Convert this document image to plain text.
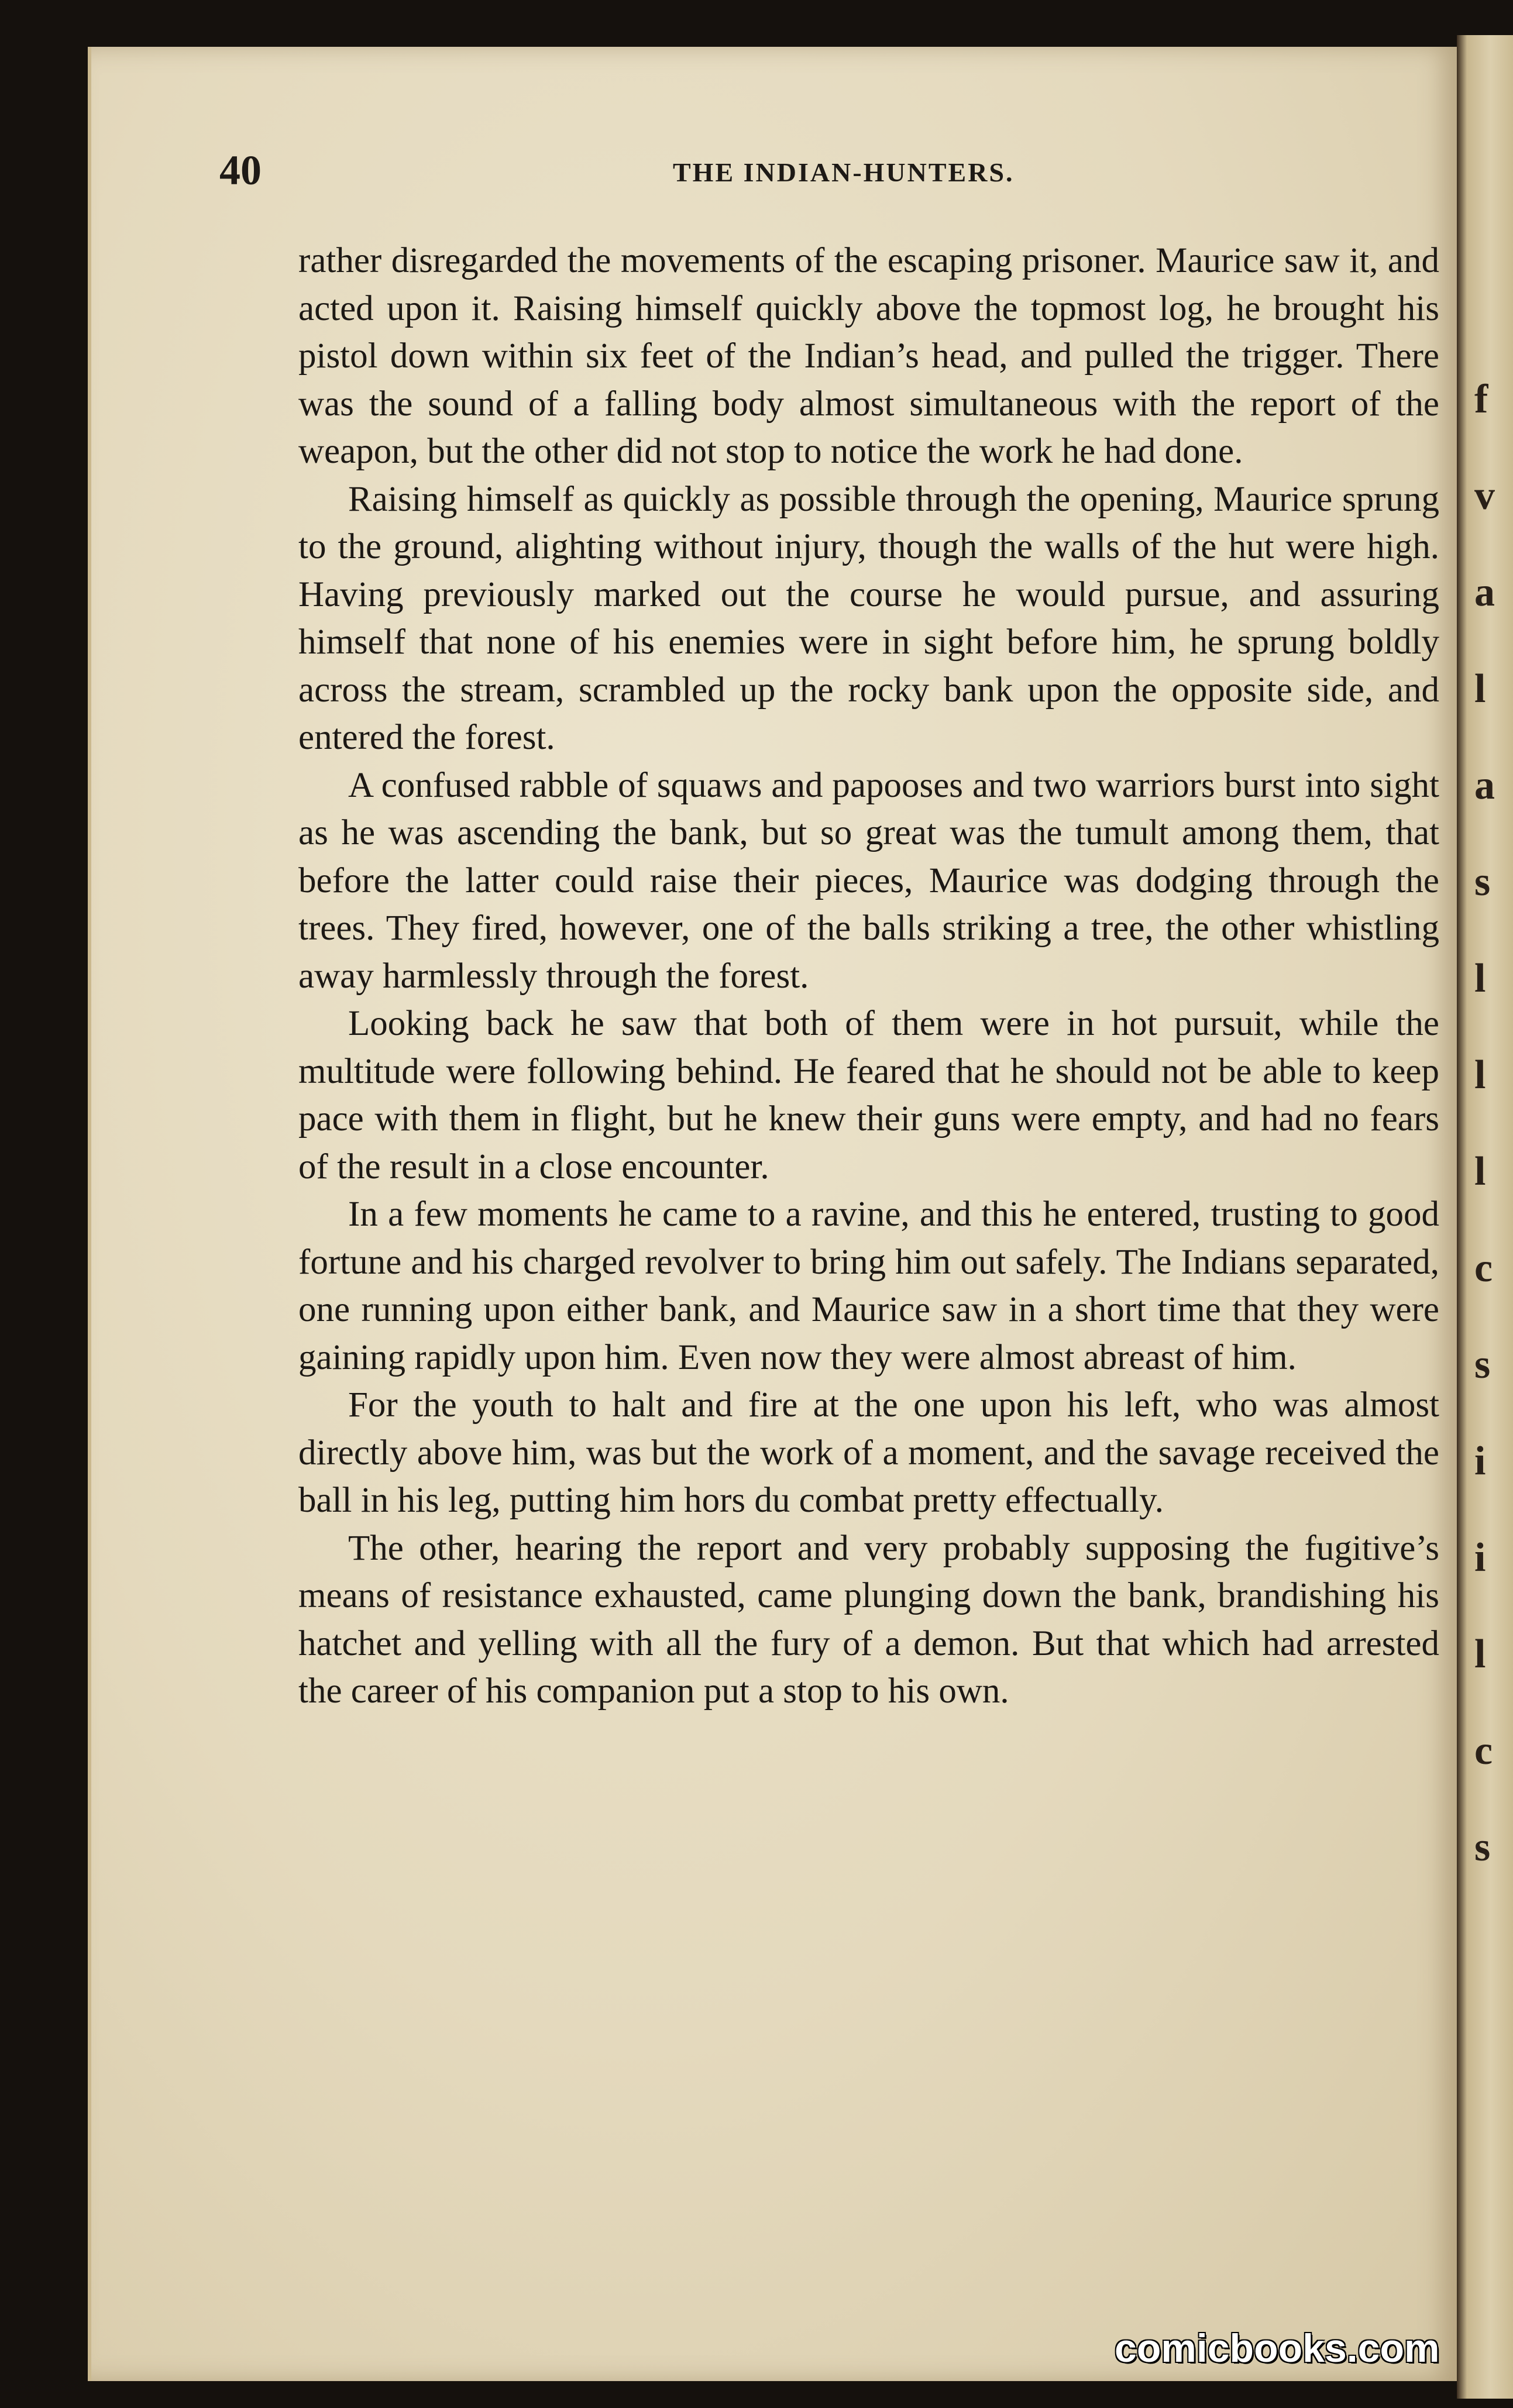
f
v
a
l
a
s
l
l
l
c
s
i
i
l
c
s
40	THE INDIAN-HUNTERS.

rather disregarded the movements of the escaping prisoner. Maurice saw it, and acted upon it. Raising himself quickly above the topmost log, he brought his pistol down within six feet of the Indian’s head, and pulled the trigger. There was the sound of a falling body almost simultaneous with the report of the weapon, but the other did not stop to notice the work he had done.

Raising himself as quickly as possible through the opening, Maurice sprung to the ground, alighting without injury, though the walls of the hut were high. Having previously marked out the course he would pursue, and assuring himself that none of his enemies were in sight before him, he sprung boldly across the stream, scrambled up the rocky bank upon the opposite side, and entered the forest.

A confused rabble of squaws and papooses and two warriors burst into sight as he was ascending the bank, but so great was the tumult among them, that before the latter could raise their pieces, Maurice was dodging through the trees. They fired, however, one of the balls striking a tree, the other whistling away harmlessly through the forest.

Looking back he saw that both of them were in hot pursuit, while the multitude were following behind. He feared that he should not be able to keep pace with them in flight, but he knew their guns were empty, and had no fears of the result in a close encounter.

In a few moments he came to a ravine, and this he entered, trusting to good fortune and his charged revolver to bring him out safely. The Indians separated, one running upon either bank, and Maurice saw in a short time that they were gaining rapidly upon him. Even now they were almost abreast of him.

For the youth to halt and fire at the one upon his left, who was almost directly above him, was but the work of a moment, and the savage received the ball in his leg, putting him hors du combat pretty effectually.

The other, hearing the report and very probably supposing the fugitive’s means of resistance exhausted, came plunging down the bank, brandishing his hatchet and yelling with all the fury of a demon. But that which had arrested the career of his companion put a stop to his own.

comicbooks.com
